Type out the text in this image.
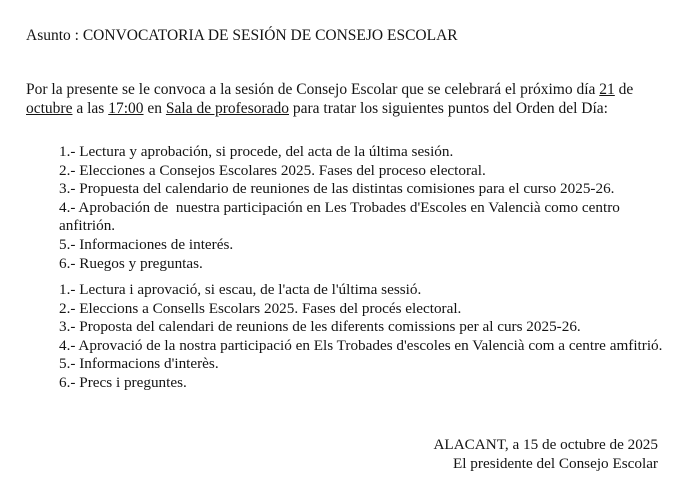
Asunto : CONVOCATORIA DE SESIÓN DE CONSEJO ESCOLAR

Por la presente se le convoca a la sesión de Consejo Escolar que se celebrará el próximo día 21 de octubre a las 17:00 en Sala de profesorado para tratar los siguientes puntos del Orden del Día:

1.- Lectura y aprobación, si procede, del acta de la última sesión.
2.- Elecciones a Consejos Escolares 2025. Fases del proceso electoral.
3.- Propuesta del calendario de reuniones de las distintas comisiones para el curso 2025-26.
4.- Aprobación de  nuestra participación en Les Trobades d'Escoles en Valencià como centro anfitrión.
5.- Informaciones de interés.
6.- Ruegos y preguntas.
1.- Lectura i aprovació, si escau, de l'acta de l'última sessió.
2.- Eleccions a Consells Escolars 2025. Fases del procés electoral.
3.- Proposta del calendari de reunions de les diferents comissions per al curs 2025-26.
4.- Aprovació de la nostra participació en Els Trobades d'escoles en Valencià com a centre amfitrió.
5.- Informacions d'interès.
6.- Precs i preguntes.
ALACANT, a 15 de octubre de 2025
El presidente del Consejo Escolar
